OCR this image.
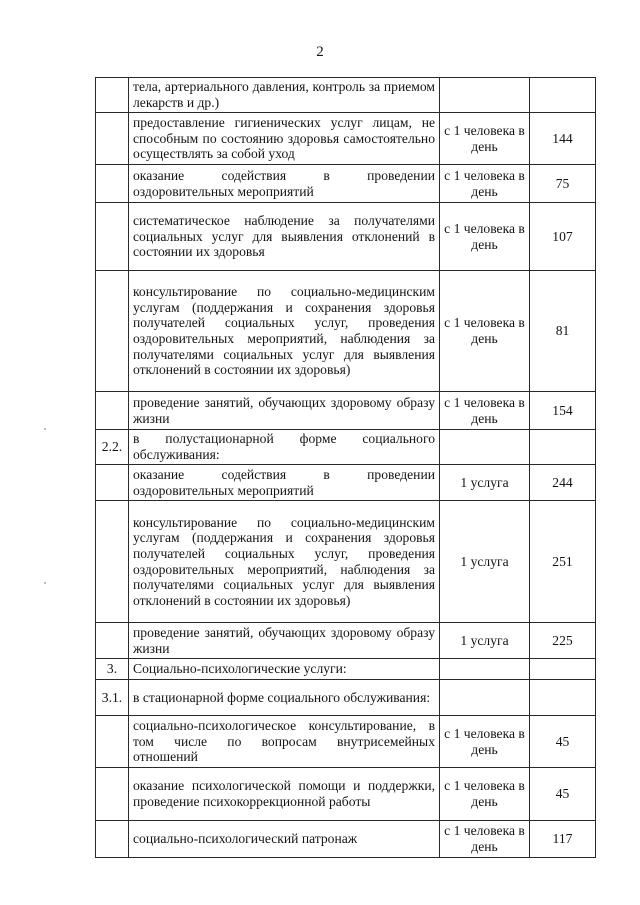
2
	тела, артериального давления, контроль за приемом лекарств и др.)		
	предоставление гигиенических услуг лицам, не способным по состоянию здоровья самостоятельно осуществлять за собой уход	с 1 человека в день	144
	оказание содействия в проведении оздоровительных мероприятий	с 1 человека в день	75
	систематическое наблюдение за получателями социальных услуг для выявления отклонений в состоянии их здоровья	с 1 человека в день	107
	консультирование по социально-медицинским услугам (поддержания и сохранения здоровья получателей социальных услуг, проведения оздоровительных мероприятий, наблюдения за получателями социальных услуг для выявления отклонений в состоянии их здоровья)	с 1 человека в день	81
	проведение занятий, обучающих здоровому образу жизни	с 1 человека в день	154
2.2.	в полустационарной форме социального обслуживания:		
	оказание содействия в проведении оздоровительных мероприятий	1 услуга	244
	консультирование по социально-медицинским услугам (поддержания и сохранения здоровья получателей социальных услуг, проведения оздоровительных мероприятий, наблюдения за получателями социальных услуг для выявления отклонений в состоянии их здоровья)	1 услуга	251
	проведение занятий, обучающих здоровому образу жизни	1 услуга	225
3.	Социально-психологические услуги:		
3.1.	в стационарной форме социального обслуживания:		
	социально-психологическое консультирование, в том числе по вопросам внутрисемейных отношений	с 1 человека в день	45
	оказание психологической помощи и поддержки, проведение психокоррекционной работы	с 1 человека в день	45
	социально-психологический патронаж	с 1 человека в день	117
